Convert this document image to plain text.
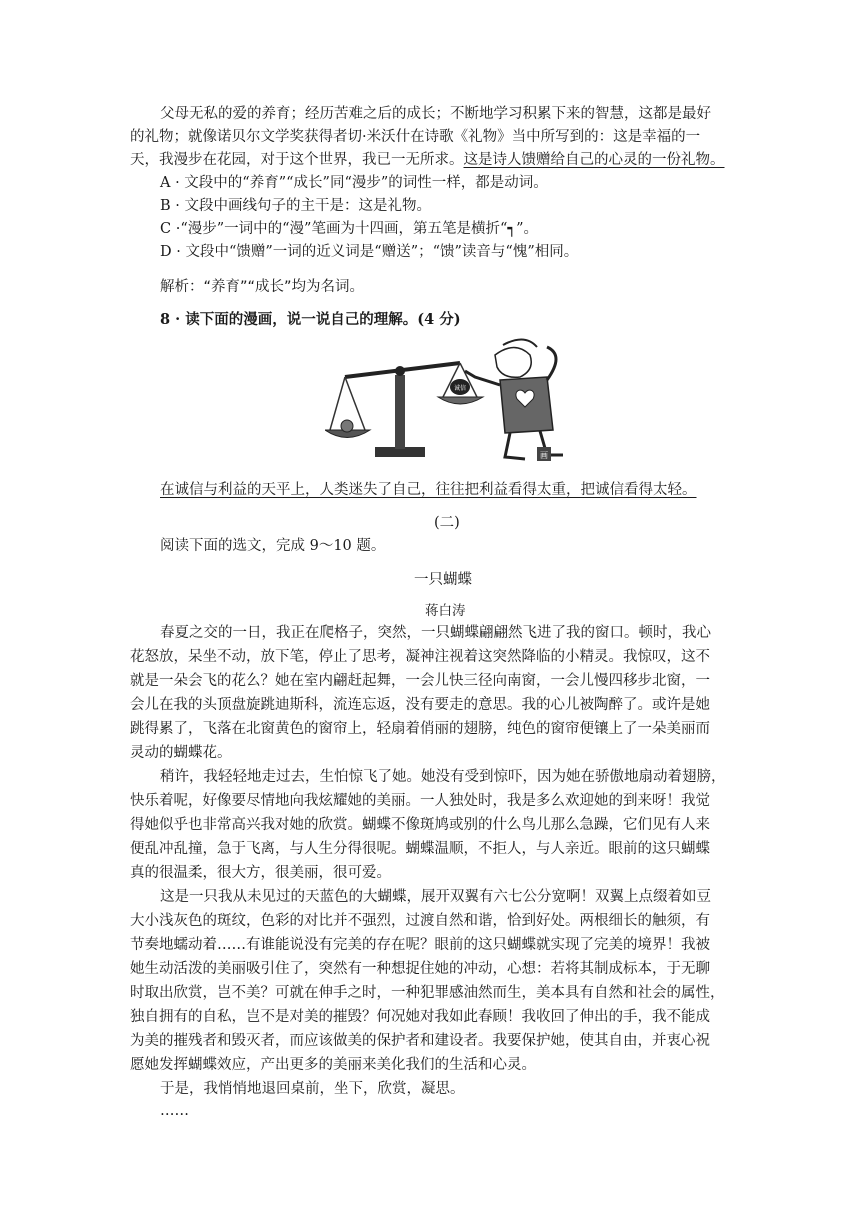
父母无私的爱的养育；经历苦难之后的成长；不断地学习积累下来的智慧，这都是最好
的礼物；就像诺贝尔文学奖获得者切·米沃什在诗歌《礼物》当中所写到的：这是幸福的一
天，我漫步在花园，对于这个世界，我已一无所求。这是诗人馈赠给自己的心灵的一份礼物。
A · 文段中的“养育”“成长”同“漫步”的词性一样，都是动词。
B · 文段中画线句子的主干是：这是礼物。
C ·“漫步”一词中的“漫”笔画为十四画，第五笔是横折“┑”。
D · 文段中“馈赠”一词的近义词是“赠送”；“馈”读音与“愧”相同。
解析：“养育”“成长”均为名词。
8 · 读下面的漫画，说一说自己的理解。(4 分)
诚信
画
在诚信与利益的天平上，人类迷失了自己，往往把利益看得太重，把诚信看得太轻。
(二)
阅读下面的选文，完成 9～10 题。
一只蝴蝶
蒋白涛
春夏之交的一日，我正在爬格子，突然，一只蝴蝶翩翩然飞进了我的窗口。顿时，我心
花怒放，呆坐不动，放下笔，停止了思考，凝神注视着这突然降临的小精灵。我惊叹，这不
就是一朵会飞的花么？她在室内翩赶起舞，一会儿快三径向南窗，一会儿慢四移步北窗，一
会儿在我的头顶盘旋跳迪斯科，流连忘返，没有要走的意思。我的心儿被陶醉了。或许是她
跳得累了，飞落在北窗黄色的窗帘上，轻扇着俏丽的翅膀，纯色的窗帘便镶上了一朵美丽而
灵动的蝴蝶花。
稍许，我轻轻地走过去，生怕惊飞了她。她没有受到惊吓，因为她在骄傲地扇动着翅膀，
快乐着呢，好像要尽情地向我炫耀她的美丽。一人独处时，我是多么欢迎她的到来呀！我觉
得她似乎也非常高兴我对她的欣赏。蝴蝶不像斑鸠或别的什么鸟儿那么急躁，它们见有人来
便乱冲乱撞，急于飞离，与人生分得很呢。蝴蝶温顺，不拒人，与人亲近。眼前的这只蝴蝶
真的很温柔，很大方，很美丽，很可爱。
这是一只我从未见过的天蓝色的大蝴蝶，展开双翼有六七公分宽啊！双翼上点缀着如豆
大小浅灰色的斑纹，色彩的对比并不强烈，过渡自然和谐，恰到好处。两根细长的触须，有
节奏地蠕动着……有谁能说没有完美的存在呢？眼前的这只蝴蝶就实现了完美的境界！我被
她生动活泼的美丽吸引住了，突然有一种想捉住她的冲动，心想：若将其制成标本，于无聊
时取出欣赏，岂不美？可就在伸手之时，一种犯罪感油然而生，美本具有自然和社会的属性，
独自拥有的自私，岂不是对美的摧毁？何况她对我如此春顾！我收回了伸出的手，我不能成
为美的摧残者和毁灭者，而应该做美的保护者和建设者。我要保护她，使其自由，并衷心祝
愿她发挥蝴蝶效应，产出更多的美丽来美化我们的生活和心灵。
于是，我悄悄地退回桌前，坐下，欣赏，凝思。
……
